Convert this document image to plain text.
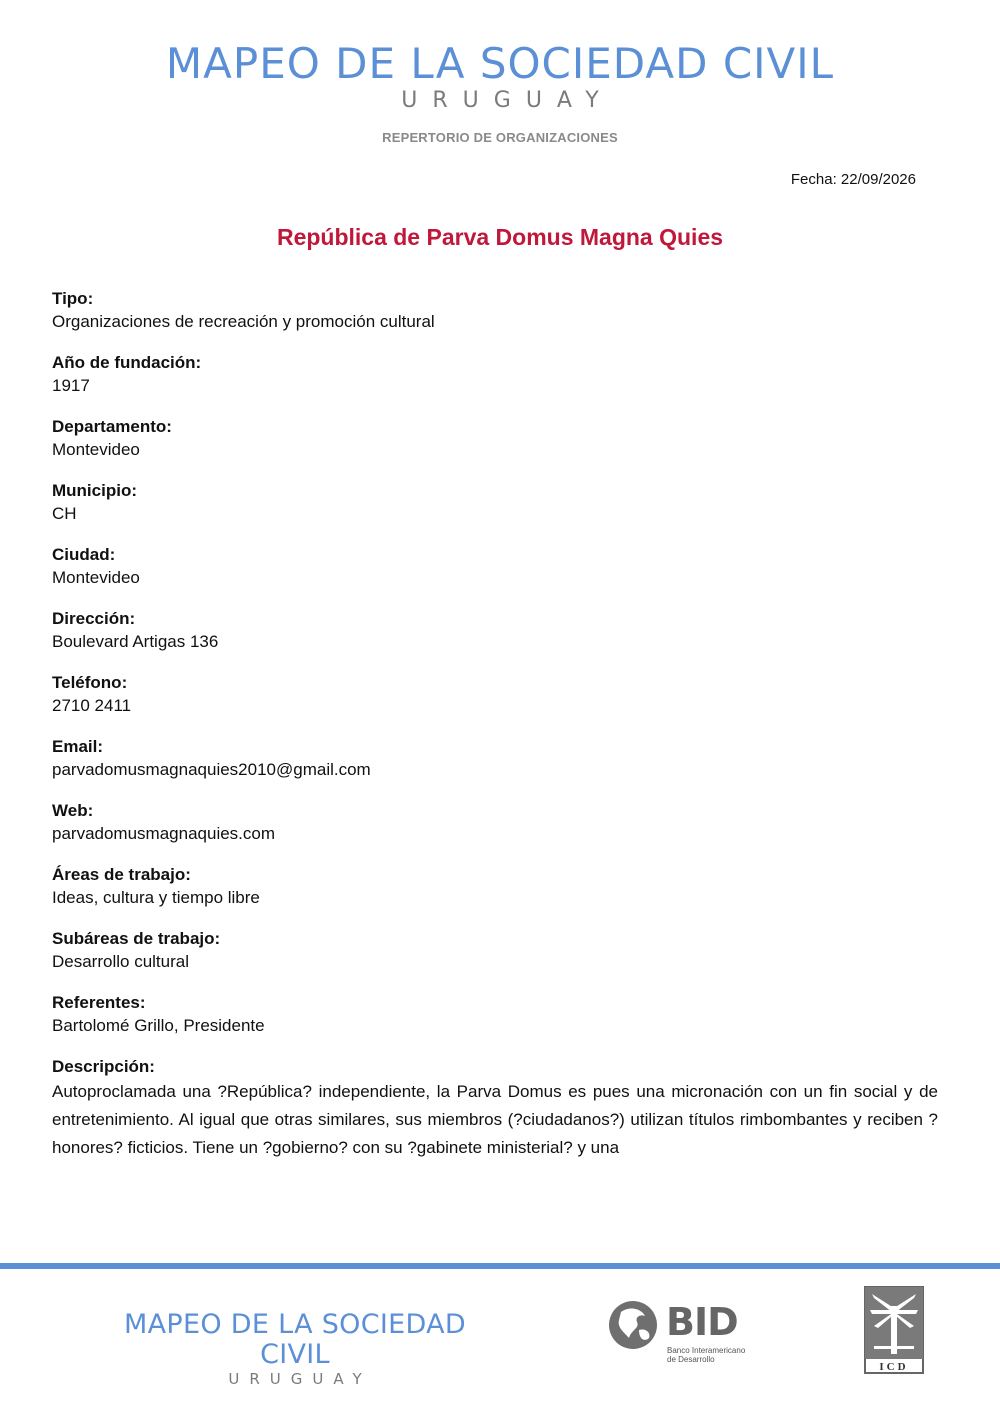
MAPEO DE LA SOCIEDAD CIVIL
URUGUAY
REPERTORIO DE ORGANIZACIONES
Fecha: 22/09/2026
República de Parva Domus Magna Quies
Tipo:
Organizaciones de recreación y promoción cultural
Año de fundación:
1917
Departamento:
Montevideo
Municipio:
CH
Ciudad:
Montevideo
Dirección:
Boulevard Artigas 136
Teléfono:
2710 2411
Email:
parvadomusmagnaquies2010@gmail.com
Web:
parvadomusmagnaquies.com
Áreas de trabajo:
Ideas, cultura y tiempo libre
Subáreas de trabajo:
Desarrollo cultural
Referentes:
Bartolomé Grillo, Presidente
Descripción:
Autoproclamada una ?República? independiente, la Parva Domus es pues una micronación con un fin social y de entretenimiento. Al igual que otras similares, sus miembros (?ciudadanos?) utilizan títulos rimbombantes y reciben ?honores? ficticios. Tiene un ?gobierno? con su ?gabinete ministerial? y una
MAPEO DE LA SOCIEDAD CIVIL
URUGUAY
BID
Banco Interamericano
de Desarrollo
ICD
